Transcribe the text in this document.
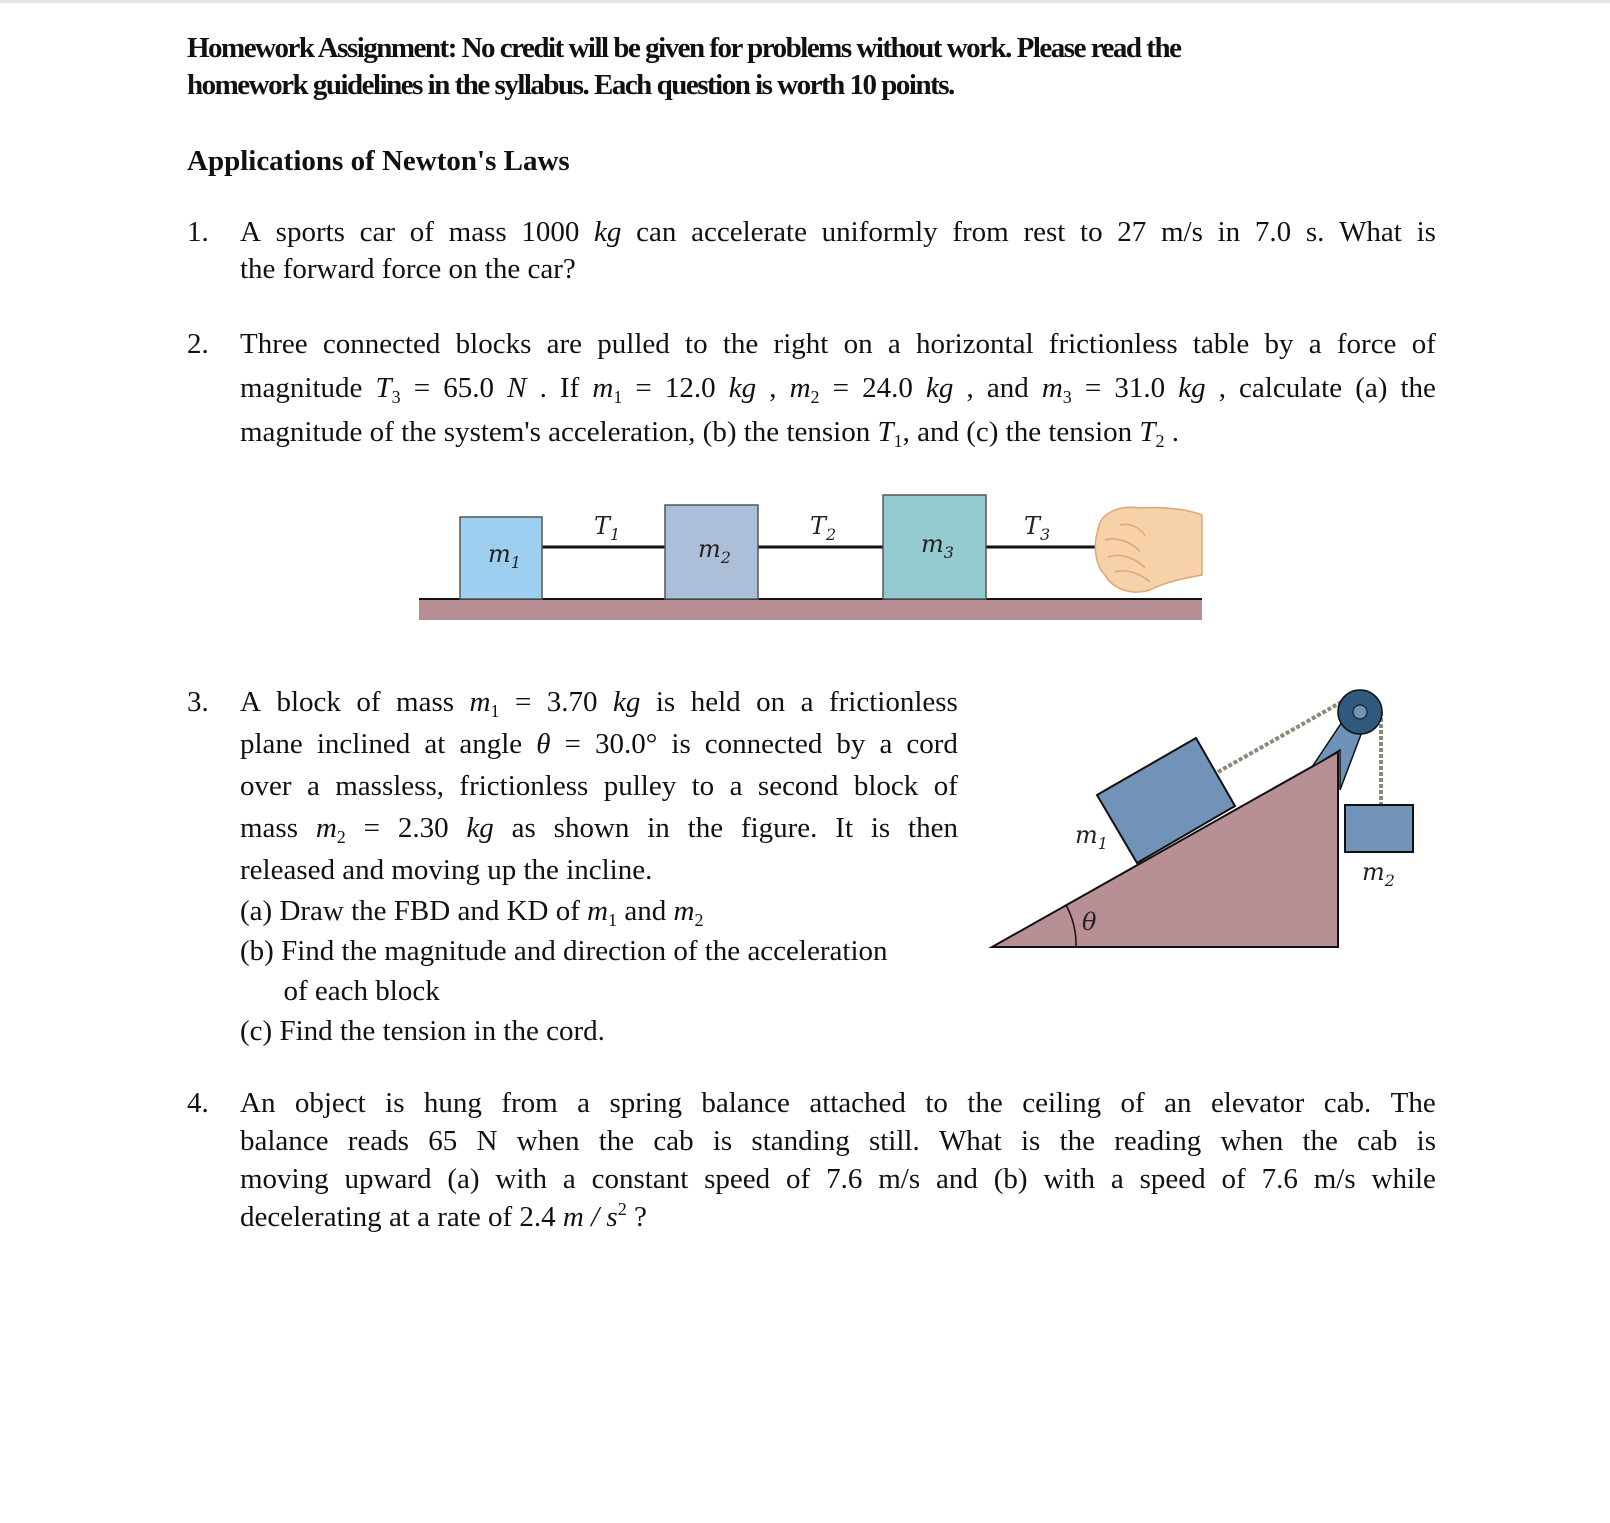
Homework Assignment: No credit will be given for problems without work. Please read the
homework guidelines in the syllabus. Each question is worth 10 points.
Applications of Newton's Laws
1. A sports car of mass 1000 kg can accelerate uniformly from rest to 27 m/s in 7.0 s. What is
the forward force on the car?
2. Three connected blocks are pulled to the right on a horizontal frictionless table by a force of
magnitude $T_3 = 65.0$ N . If $m_1 = 12.0$ kg , $m_2 = 24.0$ kg , and $m_3 = 31.0$ kg , calculate (a) the
magnitude of the system's acceleration, (b) the tension $T_1$ , and (c) the tension $T_2$
.
$T_1$	$T_2$	$T_3$
$m_1$	$m_2$	$m_3$
3. A block of mass $m_1 = 3.70$ kg is held on a frictionless
plane inclined at angle θ = 30.0° is connected by a cord
over a massless, frictionless pulley to a second block of
mass $m_2 = 2.30$ kg as shown in the figure. It is then
released and moving up the incline.
(a) Draw the FBD and KD of $m_1$
and $m_2$
(b) Find the magnitude and direction of the acceleration

of each block
(c) Find the tension in the cord.
$m_1$
$m_2$
θ
4. An object is hung from a spring balance attached to the ceiling of an elevator cab. The
balance reads 65 N when the cab is standing still. What is the reading when the cab is
moving upward (a) with a constant speed of 7.6 m/s and (b) with a speed of 7.6 m/s while
decelerating at a rate of 2.4 m / $s^2$
?
